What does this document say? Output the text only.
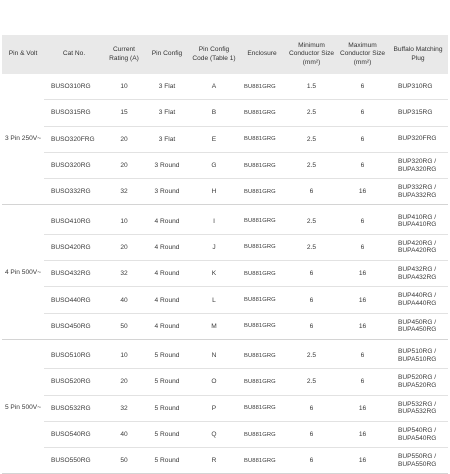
Pin & Volt	Cat No.	Current Rating (A)	Pin Config	Pin Config Code (Table 1)	Enclosure	Minimum Conductor Size (mm²)	Maximum Conductor Size (mm²)	Buffalo Matching Plug
3 Pin 250V~	BUSO310RG	10	3 Flat	A	BU881GRG	1.5	6	BUP310RG

	BUSO315RG	15	3 Flat	B	BU881GRG	2.5	6	BUP315RG

	BUSO320FRG	20	3 Flat	E	BU881GRG	2.5	6	BUP320FRG

	BUSO320RG	20	3 Round	G	BU881GRG	2.5	6	BUP320RG /
BUPA320RG

	BUSO332RG	32	3 Round	H	BU881GRG	6	16	BUP332RG /
BUPA332RG

4 Pin 500V~	BUSO410RG	10	4 Round	I	BU881GRG	2.5	6	BUP410RG /
BUPA410RG

	BUSO420RG	20	4 Round	J	BU881GRG	2.5	6	BUP420RG /
BUPA420RG

	BUSO432RG	32	4 Round	K	BU881GRG	6	16	BUP432RG /
BUPA432RG

	BUSO440RG	40	4 Round	L	BU881GRG	6	16	BUP440RG /
BUPA440RG

	BUSO450RG	50	4 Round	M	BU881GRG	6	16	BUP450RG /
BUPA450RG

5 Pin 500V~	BUSO510RG	10	5 Round	N	BU881GRG	2.5	6	BUP510RG /
BUPA510RG

	BUSO520RG	20	5 Round	O	BU881GRG	2.5	6	BUP520RG /
BUPA520RG

	BUSO532RG	32	5 Round	P	BU881GRG	6	16	BUP532RG /
BUPA532RG

	BUSO540RG	40	5 Round	Q	BU881GRG	6	16	BUP540RG /
BUPA540RG

	BUSO550RG	50	5 Round	R	BU881GRG	6	16	BUP550RG /
BUPA550RG
